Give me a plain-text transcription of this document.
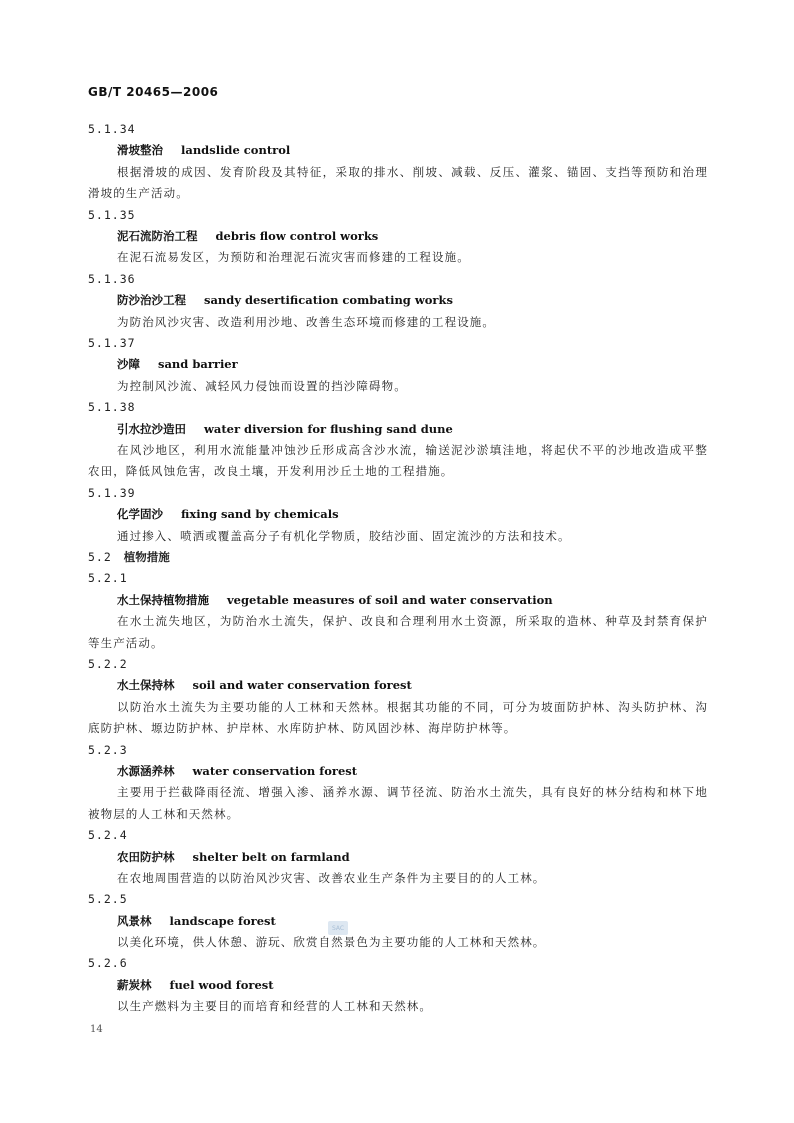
GB/T 20465—2006
5.1.34
滑坡整治 landslide control
根据滑坡的成因、发育阶段及其特征，采取的排水、削坡、减载、反压、灌浆、锚固、支挡等预防和治理滑坡的生产活动。
5.1.35
泥石流防治工程 debris flow control works
在泥石流易发区，为预防和治理泥石流灾害而修建的工程设施。
5.1.36
防沙治沙工程 sandy desertification combating works
为防治风沙灾害、改造利用沙地、改善生态环境而修建的工程设施。
5.1.37
沙障 sand barrier
为控制风沙流、减轻风力侵蚀而设置的挡沙障碍物。
5.1.38
引水拉沙造田 water diversion for flushing sand dune
在风沙地区，利用水流能量冲蚀沙丘形成高含沙水流，输送泥沙淤填洼地，将起伏不平的沙地改造成平整农田，降低风蚀危害，改良土壤，开发利用沙丘土地的工程措施。
5.1.39
化学固沙 fixing sand by chemicals
通过掺入、喷洒或覆盖高分子有机化学物质，胶结沙面、固定流沙的方法和技术。
5.2 植物措施
5.2.1
水土保持植物措施 vegetable measures of soil and water conservation
在水土流失地区，为防治水土流失，保护、改良和合理利用水土资源，所采取的造林、种草及封禁育保护等生产活动。
5.2.2
水土保持林 soil and water conservation forest
以防治水土流失为主要功能的人工林和天然林。根据其功能的不同，可分为坡面防护林、沟头防护林、沟底防护林、塬边防护林、护岸林、水库防护林、防风固沙林、海岸防护林等。
5.2.3
水源涵养林 water conservation forest
主要用于拦截降雨径流、增强入渗、涵养水源、调节径流、防治水土流失，具有良好的林分结构和林下地被物层的人工林和天然林。
5.2.4
农田防护林 shelter belt on farmland
在农地周围营造的以防治风沙灾害、改善农业生产条件为主要目的的人工林。
5.2.5
风景林 landscape forest
以美化环境，供人休憩、游玩、欣赏自然景色为主要功能的人工林和天然林。
5.2.6
薪炭林 fuel wood forest
以生产燃料为主要目的而培育和经营的人工林和天然林。
SAC
14
